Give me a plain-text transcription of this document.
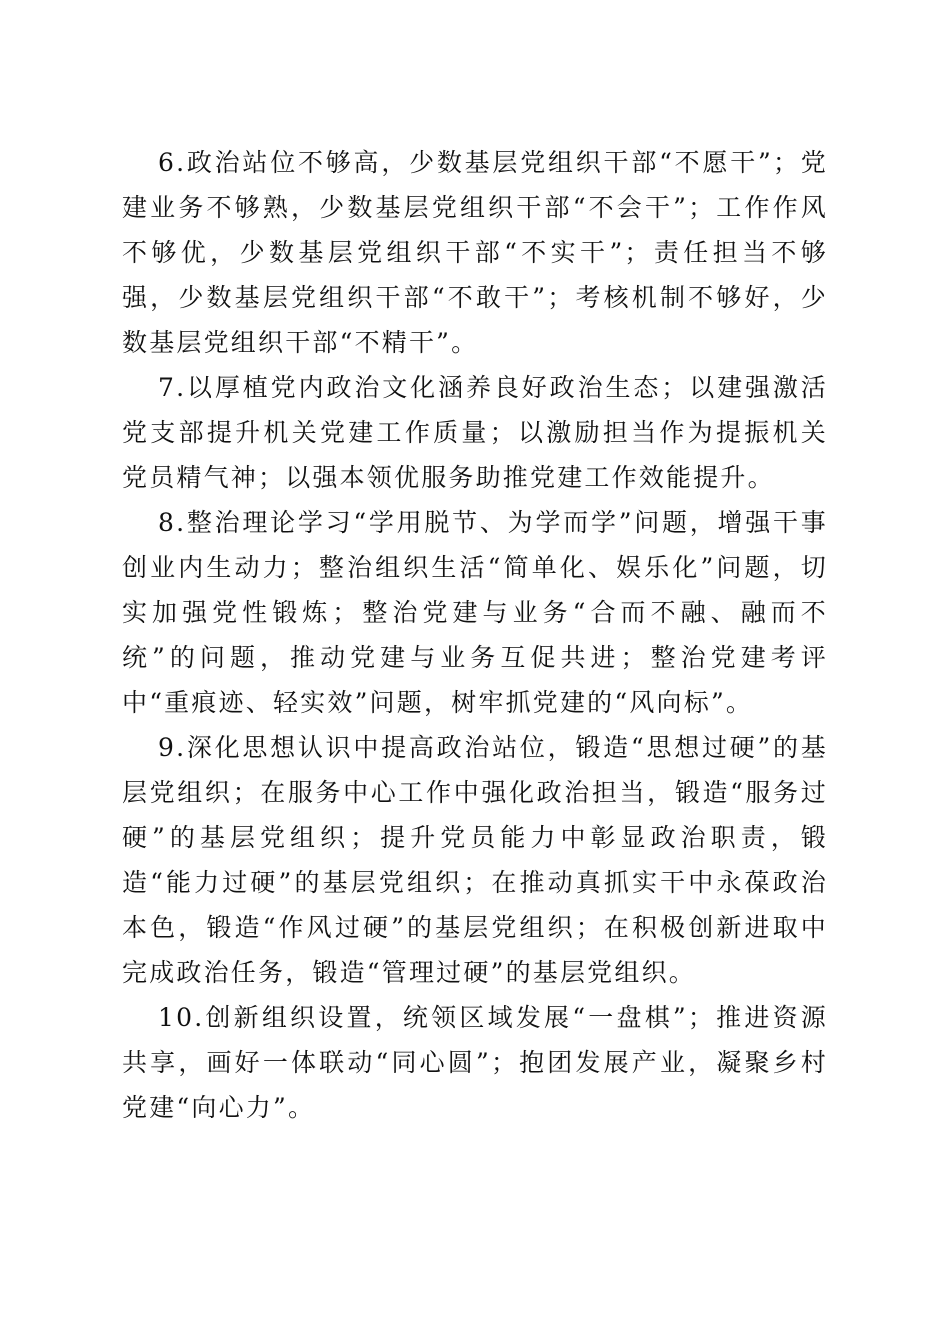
6.政治站位不够高，少数基层党组织干部“不愿干”；党建业务不够熟，少数基层党组织干部“不会干”；工作作风不够优，少数基层党组织干部“不实干”；责任担当不够强，少数基层党组织干部“不敢干”；考核机制不够好，少数基层党组织干部“不精干”。

7.以厚植党内政治文化涵养良好政治生态；以建强激活党支部提升机关党建工作质量；以激励担当作为提振机关党员精气神；以强本领优服务助推党建工作效能提升。

8.整治理论学习“学用脱节、为学而学”问题，增强干事创业内生动力；整治组织生活“简单化、娱乐化”问题，切实加强党性锻炼；整治党建与业务“合而不融、融而不统”的问题，推动党建与业务互促共进；整治党建考评中“重痕迹、轻实效”问题，树牢抓党建的“风向标”。

9.深化思想认识中提高政治站位，锻造“思想过硬”的基层党组织；在服务中心工作中强化政治担当，锻造“服务过硬”的基层党组织；提升党员能力中彰显政治职责，锻造“能力过硬”的基层党组织；在推动真抓实干中永葆政治本色，锻造“作风过硬”的基层党组织；在积极创新进取中完成政治任务，锻造“管理过硬”的基层党组织。

10.创新组织设置，统领区域发展“一盘棋”；推进资源共享，画好一体联动“同心圆”；抱团发展产业，凝聚乡村党建“向心力”。
